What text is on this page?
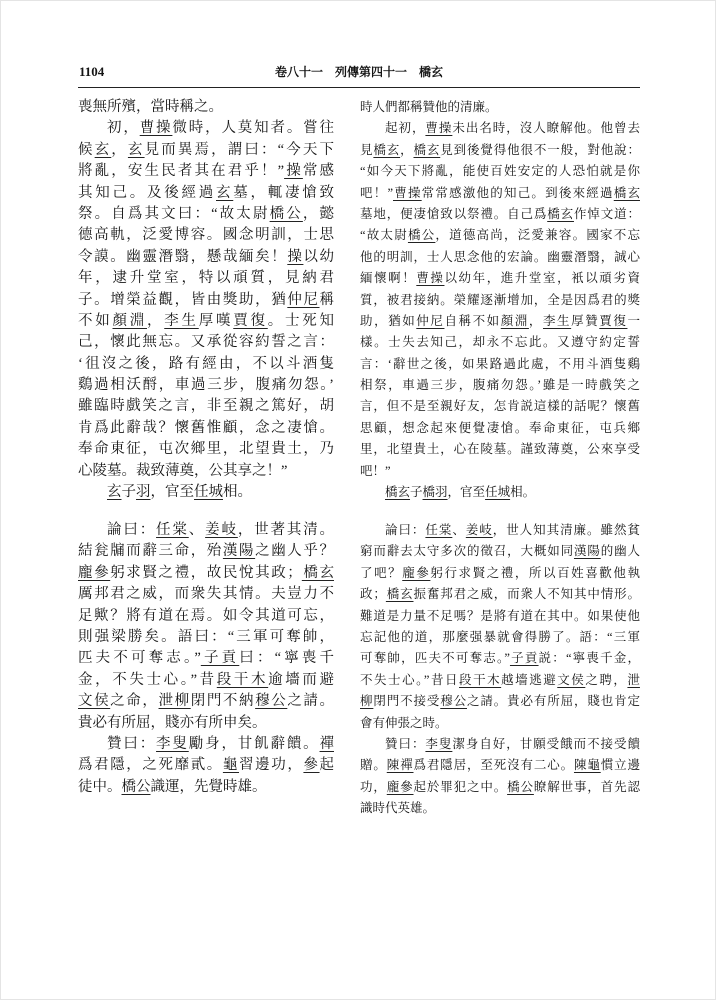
1104	卷八十一　列傳第四十一　橋玄
喪無所殯，當時稱之。
初，曹操微時，人莫知者。嘗往
候玄，玄見而異焉，謂曰：“今天下
將亂，安生民者其在君乎！”操常感
其知己。及後經過玄墓，輒凄愴致
祭。自爲其文曰：“故太尉橋公，懿
德高軌，泛愛博容。國念明訓，士思
令謨。幽靈潛翳，懸哉緬矣！操以幼
年，逮升堂室，特以頑質，見納君
子。增榮益觀，皆由獎助，猶仲尼稱
不如顏淵，李生厚嘆賈復。士死知
己，懷此無忘。又承從容約誓之言：
‘徂沒之後，路有經由，不以斗酒隻
鷄過相沃酹，車過三步，腹痛勿怨。’
雖臨時戲笑之言，非至親之篤好，胡
肯爲此辭哉？懷舊惟顧，念之凄愴。
奉命東征，屯次鄉里，北望貴土，乃
心陵墓。裁致薄奠，公其享之！”
玄子羽，官至任城相。
論曰：任棠、姜岐，世著其清。
結瓮牖而辭三命，殆漢陽之幽人乎？
龐參躬求賢之禮，故民悅其政；橋玄
厲邦君之威，而衆失其情。夫豈力不
足歟？將有道在焉。如令其道可忘，
則强梁勝矣。語曰：“三軍可奪帥，
匹夫不可奪志。”子貢曰：“寧喪千
金，不失士心。”昔段干木逾墻而避
文侯之命，泄柳閉門不納穆公之請。
貴必有所屈，賤亦有所申矣。
贊曰：李叟勵身，甘飢辭饋。禪
爲君隱，之死靡貳。龜習邊功，參起
徒中。橋公識運，先覺時雄。
時人們都稱贊他的清廉。
起初，曹操未出名時，沒人瞭解他。他曾去
見橋玄，橋玄見到後覺得他很不一般，對他說：
“如今天下將亂，能使百姓安定的人恐怕就是你
吧！”曹操常常感激他的知己。到後來經過橋玄
墓地，便凄愴致以祭禮。自己爲橋玄作悼文道：
“故太尉橋公，道德高尚，泛愛兼容。國家不忘
他的明訓，士人思念他的宏論。幽靈潛翳，誠心
緬懷啊！曹操以幼年，進升堂室，衹以頑劣資
質，被君接納。榮耀逐漸增加，全是因爲君的獎
助，猶如仲尼自稱不如顏淵，李生厚贊賈復一
樣。士失去知己，却永不忘此。又遵守約定誓
言：‘辭世之後，如果路過此處，不用斗酒隻鷄
相祭，車過三步，腹痛勿怨。’雖是一時戲笑之
言，但不是至親好友，怎肯説這樣的話呢？懷舊
思顧，想念起來便覺凄愴。奉命東征，屯兵鄉
里，北望貴土，心在陵墓。謹致薄奠，公來享受
吧！”
橋玄子橋羽，官至任城相。
論曰：任棠、姜岐，世人知其清廉。雖然貧
窮而辭去太守多次的徵召，大概如同漢陽的幽人
了吧？龐參躬行求賢之禮，所以百姓喜歡他執
政；橋玄振奮邦君之威，而衆人不知其中情形。
難道是力量不足嗎？是將有道在其中。如果使他
忘記他的道，那麼强暴就會得勝了。語：“三軍
可奪帥，匹夫不可奪志。”子貢説：“寧喪千金，
不失士心。”昔日段干木越墻逃避文侯之聘，泄
柳閉門不接受穆公之請。貴必有所屈，賤也肯定
會有伸張之時。
贊曰：李叟潔身自好，甘願受餓而不接受饋
贈。陳禪爲君隱居，至死沒有二心。陳龜慣立邊
功，龐參起於罪犯之中。橋公瞭解世事，首先認
識時代英雄。
